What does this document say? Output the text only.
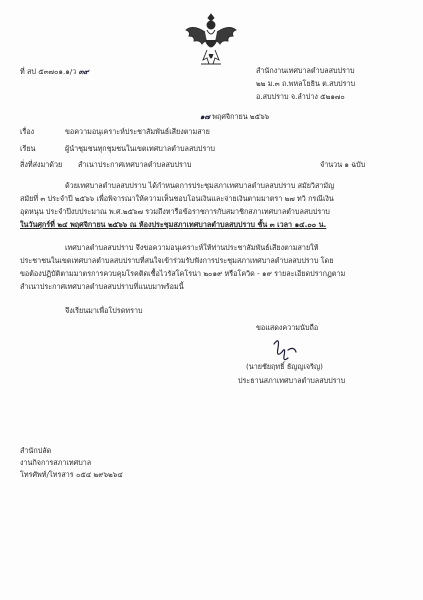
ที่ สป ๕๓๗๐๑.๑/ว ๓๙	สำนักงานเทศบาลตำบลสบปราบ
๒๒ ม.๓ ถ.พหลโยธิน ต.สบปราบ
อ.สบปราบ จ.ลำปาง ๕๒๑๗๐
๑๗ พฤศจิกายน ๒๕๖๖
เรื่อง	ขอความอนุเคราะห์ประชาสัมพันธ์เสียงตามสาย
เรียน	ผู้นำชุมชนทุกชุมชนในเขตเทศบาลตำบลสบปราบ
สิ่งที่ส่งมาด้วย สำเนาประกาศเทศบาลตำบลสบปราบ	จำนวน ๑ ฉบับ
ด้วยเทศบาลตำบลสบปราบ ได้กำหนดการประชุมสภาเทศบาลตำบลสบปราบ สมัยวิสามัญ
สมัยที่ ๓ ประจำปี ๒๕๖๖ เพื่อพิจารณาให้ความเห็นชอบโอนเงินและจ่ายเงินตามมาตรา ๒๗ ทวิ กรณีเงิน
อุดหนุน ประจำปีงบประมาณ พ.ศ.๒๕๖๗ รวมถึงหารือข้อราชการกับสมาชิกสภาเทศบาลตำบลสบปราบ
ในวันศุกร์ที่ ๒๔ พฤศจิกายน ๒๕๖๖ ณ ห้องประชุมสภาเทศบาลตำบลสบปราบ ชั้น ๓ เวลา ๑๔.๐๐ น.
เทศบาลตำบลสบปราบ จึงขอความอนุเคราะห์ให้ท่านประชาสัมพันธ์เสียงตามสายให้
ประชาชนในเขตเทศบาลตำบลสบปราบที่สนใจเข้าร่วมรับฟังการประชุมสภาเทศบาลตำบลสบปราบ โดย
ขอต้องปฏิบัติตามมาตรการควบคุมโรคติดเชื้อไวรัสโคโรน่า ๒๐๑๙ หรือโควิด - ๑๙ รายละเอียดปรากฏตาม
สำเนาประกาศเทศบาลตำบลสบปราบที่แนบมาพร้อมนี้
จึงเรียนมาเพื่อโปรดทราบ
ขอแสดงความนับถือ
(นายชัยฤทธิ์ ธัญญเจริญ)
ประธานสภาเทศบาลตำบลสบปราบ
สำนักปลัด
งานกิจการสภาเทศบาล
โทรศัพท์/โทรสาร ๐๕๔ ๒๙๖๒๖๔
